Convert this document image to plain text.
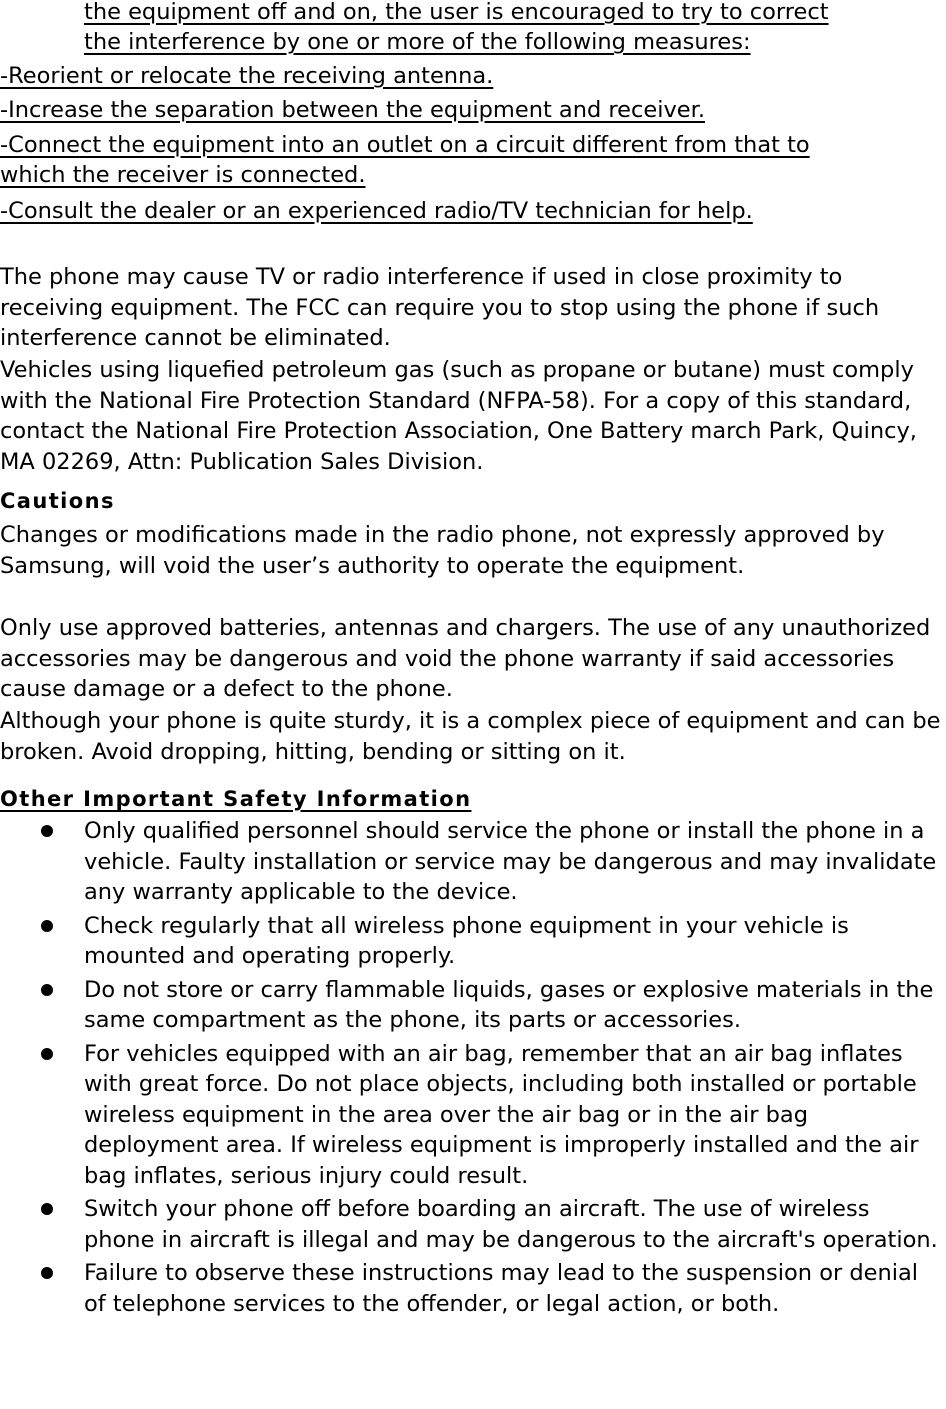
the equipment off and on, the user is encouraged to try to correct
the interference by one or more of the following measures:
-Reorient or relocate the receiving antenna.
-Increase the separation between the equipment and receiver.
-Connect the equipment into an outlet on a circuit different from that to
which the receiver is connected.
-Consult the dealer or an experienced radio/TV technician for help.

The phone may cause TV or radio interference if used in close proximity to receiving equipment. The FCC can require you to stop using the phone if such interference cannot be eliminated.

Vehicles using liquefied petroleum gas (such as propane or butane) must comply with the National Fire Protection Standard (NFPA-58). For a copy of this standard, contact the National Fire Protection Association, One Battery march Park, Quincy, MA 02269, Attn: Publication Sales Division.

Cautions

Changes or modifications made in the radio phone, not expressly approved by Samsung, will void the user’s authority to operate the equipment.

Only use approved batteries, antennas and chargers. The use of any unauthorized accessories may be dangerous and void the phone warranty if said accessories cause damage or a defect to the phone.

Although your phone is quite sturdy, it is a complex piece of equipment and can be broken. Avoid dropping, hitting, bending or sitting on it.

Other Important Safety Information
Only qualified personnel should service the phone or install the phone in a vehicle. Faulty installation or service may be dangerous and may invalidate any warranty applicable to the device.
Check regularly that all wireless phone equipment in your vehicle is mounted and operating properly.
Do not store or carry flammable liquids, gases or explosive materials in the same compartment as the phone, its parts or accessories.
For vehicles equipped with an air bag, remember that an air bag inflates with great force. Do not place objects, including both installed or portable wireless equipment in the area over the air bag or in the air bag deployment area. If wireless equipment is improperly installed and the air bag inflates, serious injury could result.
Switch your phone off before boarding an aircraft. The use of wireless phone in aircraft is illegal and may be dangerous to the aircraft's operation.
Failure to observe these instructions may lead to the suspension or denial of telephone services to the offender, or legal action, or both.
